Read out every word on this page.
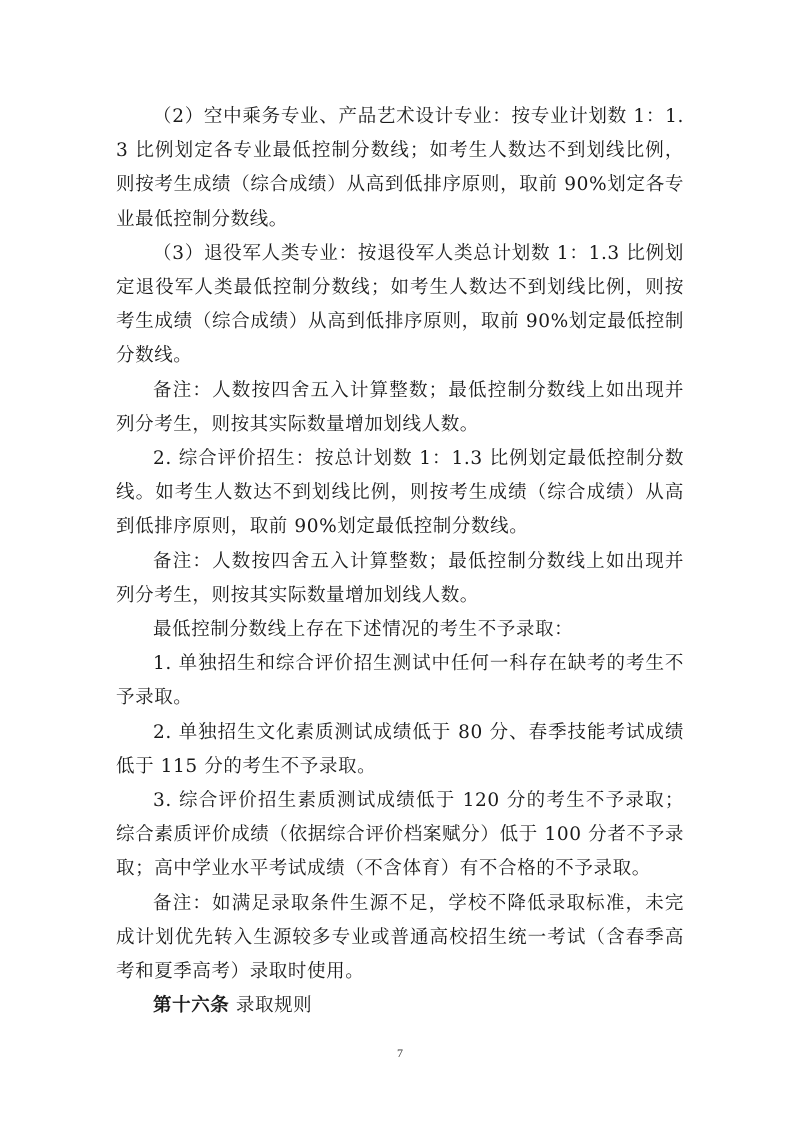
（2）空中乘务专业、产品艺术设计专业：按专业计划数 1：1.3 比例划定各专业最低控制分数线；如考生人数达不到划线比例，则按考生成绩（综合成绩）从高到低排序原则，取前 90%划定各专业最低控制分数线。

（3）退役军人类专业：按退役军人类总计划数 1：1.3 比例划定退役军人类最低控制分数线；如考生人数达不到划线比例，则按考生成绩（综合成绩）从高到低排序原则，取前 90%划定最低控制分数线。

备注：人数按四舍五入计算整数；最低控制分数线上如出现并列分考生，则按其实际数量增加划线人数。

2. 综合评价招生：按总计划数 1：1.3 比例划定最低控制分数线。如考生人数达不到划线比例，则按考生成绩（综合成绩）从高到低排序原则，取前 90%划定最低控制分数线。

备注：人数按四舍五入计算整数；最低控制分数线上如出现并列分考生，则按其实际数量增加划线人数。

最低控制分数线上存在下述情况的考生不予录取：

1. 单独招生和综合评价招生测试中任何一科存在缺考的考生不予录取。

2. 单独招生文化素质测试成绩低于 80 分、春季技能考试成绩低于 115 分的考生不予录取。

3. 综合评价招生素质测试成绩低于 120 分的考生不予录取；综合素质评价成绩（依据综合评价档案赋分）低于 100 分者不予录取；高中学业水平考试成绩（不含体育）有不合格的不予录取。

备注：如满足录取条件生源不足，学校不降低录取标准，未完成计划优先转入生源较多专业或普通高校招生统一考试（含春季高考和夏季高考）录取时使用。

第十六条 录取规则

7
